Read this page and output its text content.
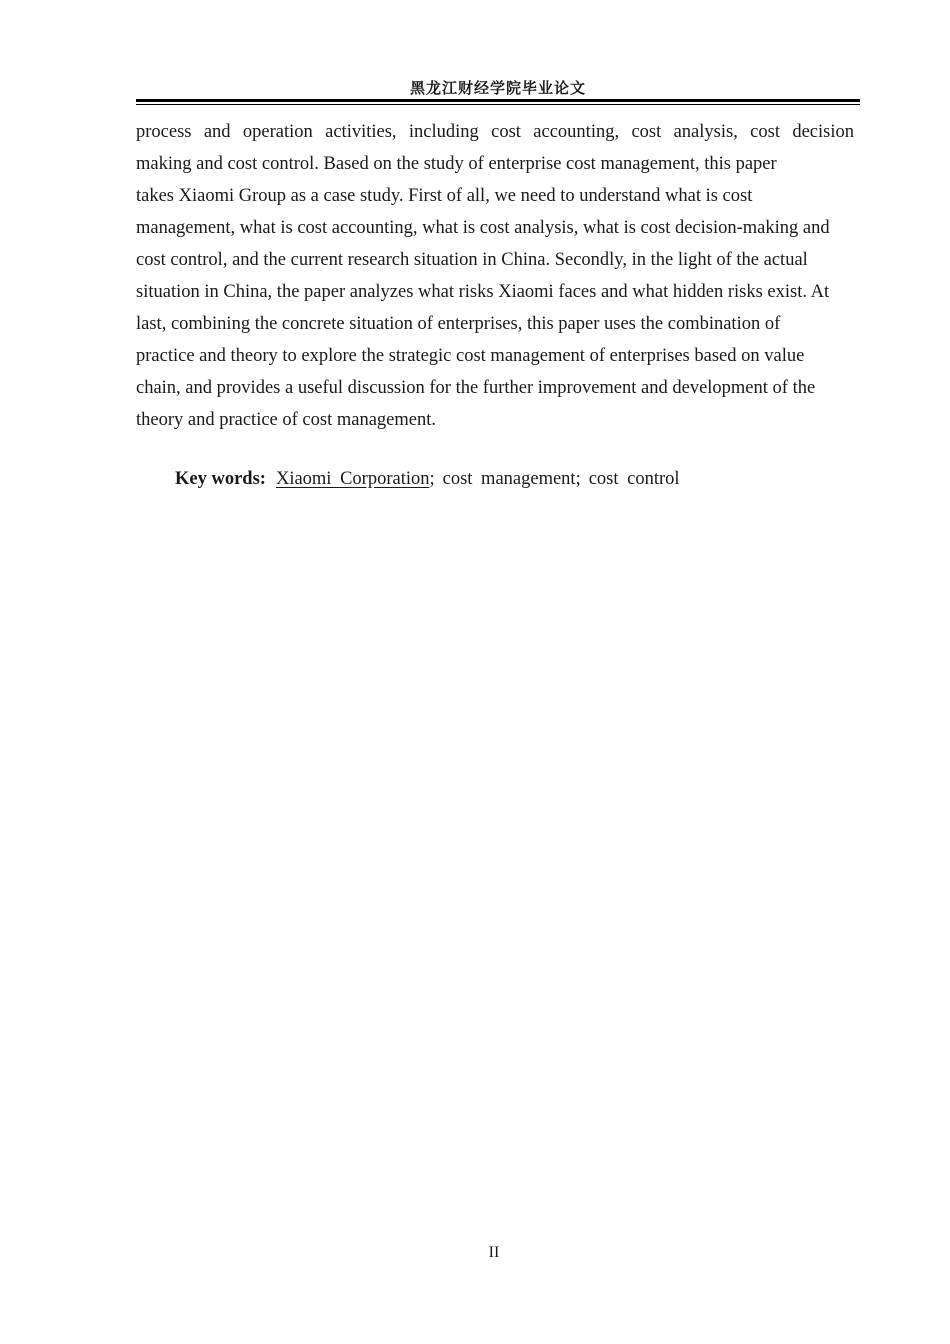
黑龙江财经学院毕业论文

process and operation activities, including cost accounting, cost analysis, cost decision
making and cost control. Based on the study of enterprise cost management, this paper
takes Xiaomi Group as a case study. First of all, we need to understand what is cost
management, what is cost accounting, what is cost analysis, what is cost decision-making and
cost control, and the current research situation in China. Secondly, in the light of the actual
situation in China, the paper analyzes what risks Xiaomi faces and what hidden risks exist. At
last, combining the concrete situation of enterprises, this paper uses the combination of
practice and theory to explore the strategic cost management of enterprises based on value
chain, and provides a useful discussion for the further improvement and development of the
theory and practice of cost management.

Key words: Xiaomi Corporation; cost management; cost control
II
